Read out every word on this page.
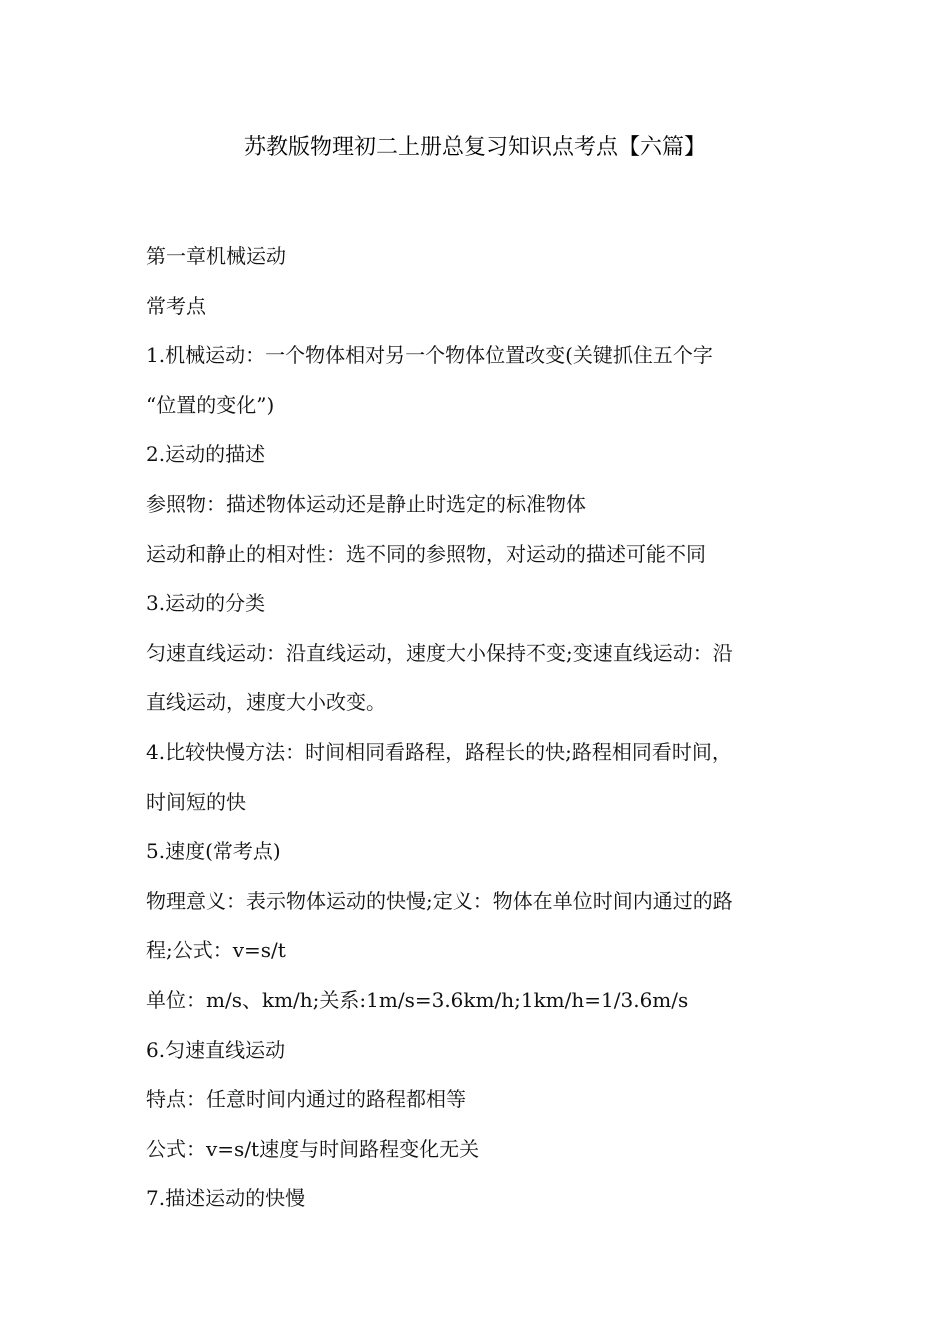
苏教版物理初二上册总复习知识点考点【六篇】

第一章机械运动

常考点

1.机械运动：一个物体相对另一个物体位置改变(关键抓住五个字

“位置的变化”)

2.运动的描述

参照物：描述物体运动还是静止时选定的标准物体

运动和静止的相对性：选不同的参照物，对运动的描述可能不同

3.运动的分类

匀速直线运动：沿直线运动，速度大小保持不变;变速直线运动：沿

直线运动，速度大小改变。

4.比较快慢方法：时间相同看路程，路程长的快;路程相同看时间，

时间短的快

5.速度(常考点)

物理意义：表示物体运动的快慢;定义：物体在单位时间内通过的路

程;公式：v=s/t

单位：m/s、km/h;关系:1m/s=3.6km/h;1km/h=1/3.6m/s

6.匀速直线运动

特点：任意时间内通过的路程都相等

公式：v=s/t速度与时间路程变化无关

7.描述运动的快慢
